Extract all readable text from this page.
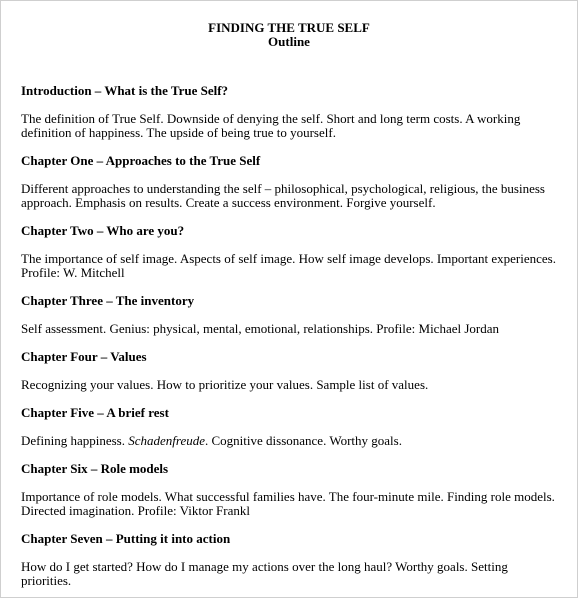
FINDING THE TRUE SELF

Outline

Introduction – What is the True Self?

The definition of True Self. Downside of denying the self. Short and long term costs. A working definition of happiness. The upside of being true to yourself.

Chapter One – Approaches to the True Self

Different approaches to understanding the self – philosophical, psychological, religious, the business approach. Emphasis on results. Create a success environment. Forgive yourself.

Chapter Two – Who are you?

The importance of self image. Aspects of self image. How self image develops. Important experiences. Profile: W. Mitchell

Chapter Three – The inventory

Self assessment. Genius: physical, mental, emotional, relationships. Profile: Michael Jordan

Chapter Four – Values

Recognizing your values. How to prioritize your values. Sample list of values.

Chapter Five – A brief rest

Defining happiness. Schadenfreude. Cognitive dissonance. Worthy goals.

Chapter Six – Role models

Importance of role models. What successful families have. The four-minute mile. Finding role models. Directed imagination. Profile: Viktor Frankl

Chapter Seven – Putting it into action

How do I get started? How do I manage my actions over the long haul? Worthy goals. Setting priorities.
